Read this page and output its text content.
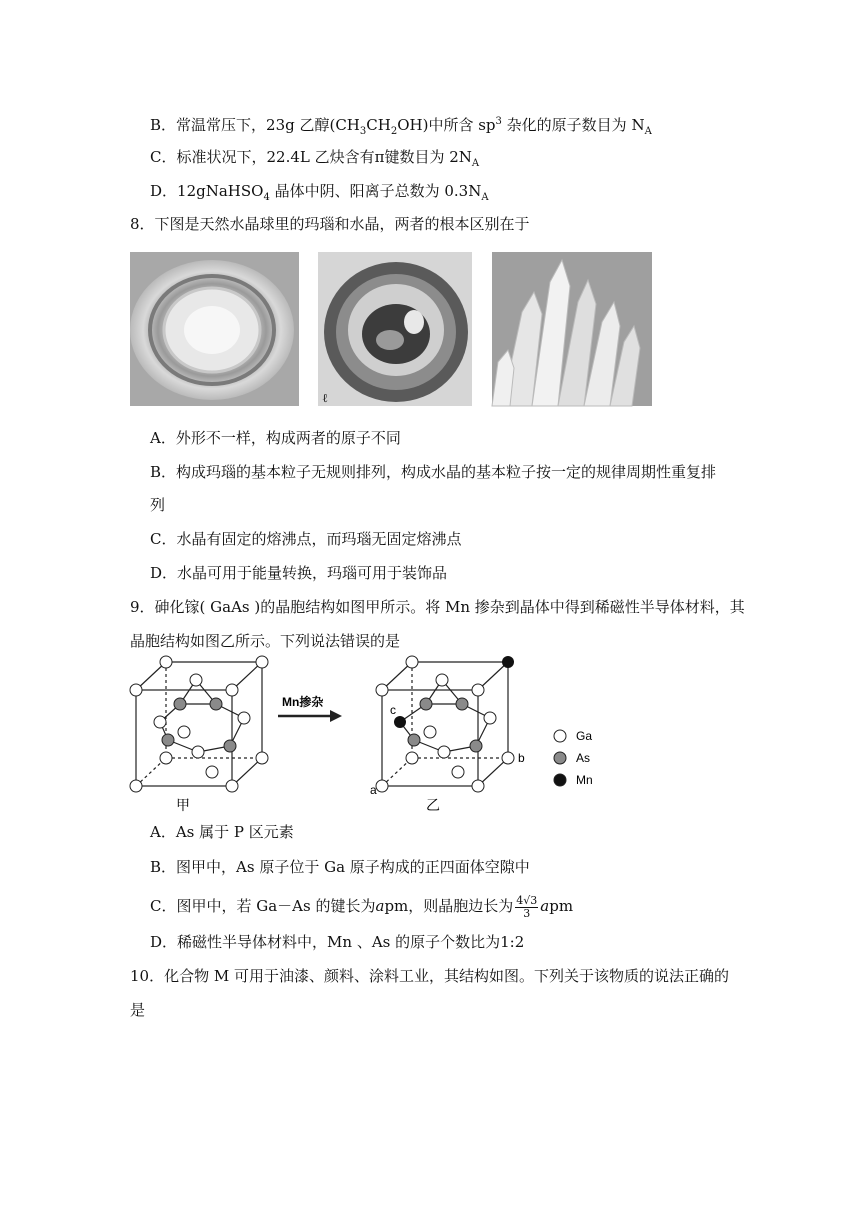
B．常温常压下，23g 乙醇$(CH_3CH_2OH)$中所含 $sp^3$ 杂化的原子数目为 $N_A$
C．标准状况下，22.4L 乙炔含有π键数目为 $2N_A$
D．12gNaHSO$_4$ 晶体中阴、阳离子总数为 $0.3N_A$
8．下图是天然水晶球里的玛瑙和水晶，两者的根本区别在于
ℓ
A．外形不一样，构成两者的原子不同
B．构成玛瑙的基本粒子无规则排列，构成水晶的基本粒子按一定的规律周期性重复排
列
C．水晶有固定的熔沸点，而玛瑙无固定熔沸点
D．水晶可用于能量转换，玛瑙可用于装饰品
9．砷化镓( GaAs )的晶胞结构如图甲所示。将 Mn 掺杂到晶体中得到稀磁性半导体材料，其
晶胞结构如图乙所示。下列说法错误的是
Mn掺杂
c
a
b
甲	乙
Ga
As
Mn
A．As 属于 P 区元素
B．图甲中，As 原子位于 Ga 原子构成的正四面体空隙中
C．图甲中，若 Ga－As 的键长为apm，则晶胞边长为 $\frac{4√3}{3}$ apm
D．稀磁性半导体材料中，Mn 、As 的原子个数比为1:2
10．化合物 M 可用于油漆、颜料、涂料工业，其结构如图。下列关于该物质的说法正确的
是
